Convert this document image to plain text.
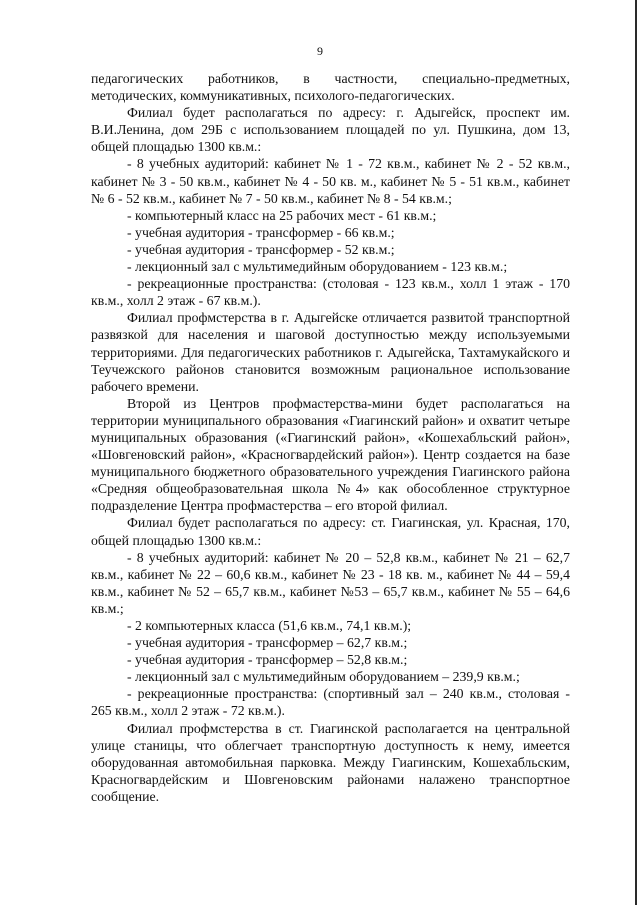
9

педагогических работников, в частности, специально-предметных, методических, коммуникативных, психолого-педагогических.

Филиал будет располагаться по адресу: г. Адыгейск, проспект им. В.И.Ленина, дом 29Б с использованием площадей по ул. Пушкина, дом 13, общей площадью 1300 кв.м.:

- 8 учебных аудиторий: кабинет № 1 - 72 кв.м., кабинет № 2 - 52 кв.м., кабинет № 3 - 50 кв.м., кабинет № 4 - 50 кв. м., кабинет № 5 - 51 кв.м., кабинет № 6 - 52 кв.м., кабинет № 7 - 50 кв.м., кабинет № 8 - 54 кв.м.;

- компьютерный класс на 25 рабочих мест - 61 кв.м.;

- учебная аудитория - трансформер - 66 кв.м.;

- учебная аудитория - трансформер - 52 кв.м.;

- лекционный зал с мультимедийным оборудованием - 123 кв.м.;

- рекреационные пространства: (столовая - 123 кв.м., холл 1 этаж - 170 кв.м., холл 2 этаж - 67 кв.м.).

Филиал профмстерства в г. Адыгейске отличается развитой транспортной развязкой для населения и шаговой доступностью между используемыми территориями. Для педагогических работников г. Адыгейска, Тахтамукайского и Теучежского районов становится возможным рациональное использование рабочего времени.

Второй из Центров профмастерства-мини будет располагаться на территории муниципального образования «Гиагинский район» и охватит четыре муниципальных образования («Гиагинский район», «Кошехабльский район», «Шовгеновский район», «Красногвардейский район»). Центр создается на базе муниципального бюджетного образовательного учреждения Гиагинского района «Средняя общеобразовательная школа №4» как обособленное структурное подразделение Центра профмастерства – его второй филиал.

Филиал будет располагаться по адресу: ст. Гиагинская, ул. Красная, 170, общей площадью 1300 кв.м.:

- 8 учебных аудиторий: кабинет № 20 – 52,8 кв.м., кабинет № 21 – 62,7 кв.м., кабинет № 22 – 60,6 кв.м., кабинет № 23 - 18 кв. м., кабинет № 44 – 59,4 кв.м., кабинет № 52 – 65,7 кв.м., кабинет №53 – 65,7 кв.м., кабинет № 55 – 64,6 кв.м.;

- 2 компьютерных класса (51,6 кв.м., 74,1 кв.м.);

- учебная аудитория - трансформер – 62,7 кв.м.;

- учебная аудитория - трансформер – 52,8 кв.м.;

- лекционный зал с мультимедийным оборудованием – 239,9 кв.м.;

- рекреационные пространства: (спортивный зал – 240 кв.м., столовая - 265 кв.м., холл 2 этаж - 72 кв.м.).

Филиал профмстерства в ст. Гиагинской располагается на центральной улице станицы, что облегчает транспортную доступность к нему, имеется оборудованная автомобильная парковка. Между Гиагинским, Кошехабльским, Красногвардейским и Шовгеновским районами налажено транспортное сообщение.
